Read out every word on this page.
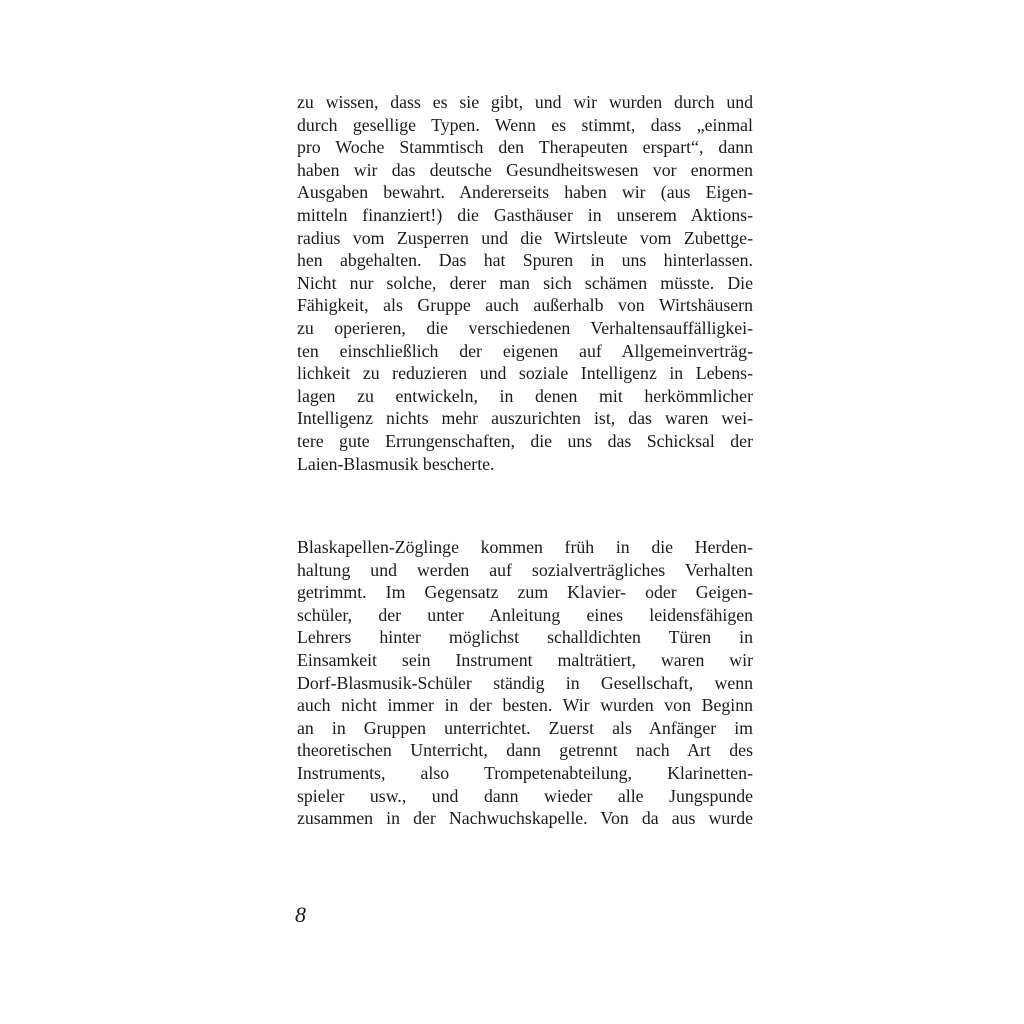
zu wissen, dass es sie gibt, und wir wurden durch und
durch gesellige Typen. Wenn es stimmt, dass „einmal
pro Woche Stammtisch den Therapeuten erspart“, dann
haben wir das deutsche Gesundheitswesen vor enormen
Ausgaben bewahrt. Andererseits haben wir (aus Eigen-
mitteln finanziert!) die Gasthäuser in unserem Aktions-
radius vom Zusperren und die Wirtsleute vom Zubettge-
hen abgehalten. Das hat Spuren in uns hinterlassen.
Nicht nur solche, derer man sich schämen müsste. Die
Fähigkeit, als Gruppe auch außerhalb von Wirtshäusern
zu operieren, die verschiedenen Verhaltensauffälligkei-
ten einschließlich der eigenen auf Allgemeinverträg-
lichkeit zu reduzieren und soziale Intelligenz in Lebens-
lagen zu entwickeln, in denen mit herkömmlicher
Intelligenz nichts mehr auszurichten ist, das waren wei-
tere gute Errungenschaften, die uns das Schicksal der
Laien-Blasmusik bescherte.

Blaskapellen-Zöglinge kommen früh in die Herden-
haltung und werden auf sozialverträgliches Verhalten
getrimmt. Im Gegensatz zum Klavier- oder Geigen-
schüler, der unter Anleitung eines leidensfähigen
Lehrers hinter möglichst schalldichten Türen in
Einsamkeit sein Instrument malträtiert, waren wir
Dorf-Blasmusik-Schüler ständig in Gesellschaft, wenn
auch nicht immer in der besten. Wir wurden von Beginn
an in Gruppen unterrichtet. Zuerst als Anfänger im
theoretischen Unterricht, dann getrennt nach Art des
Instruments, also Trompetenabteilung, Klarinetten-
spieler usw., und dann wieder alle Jungspunde
zusammen in der Nachwuchskapelle. Von da aus wurde

8
